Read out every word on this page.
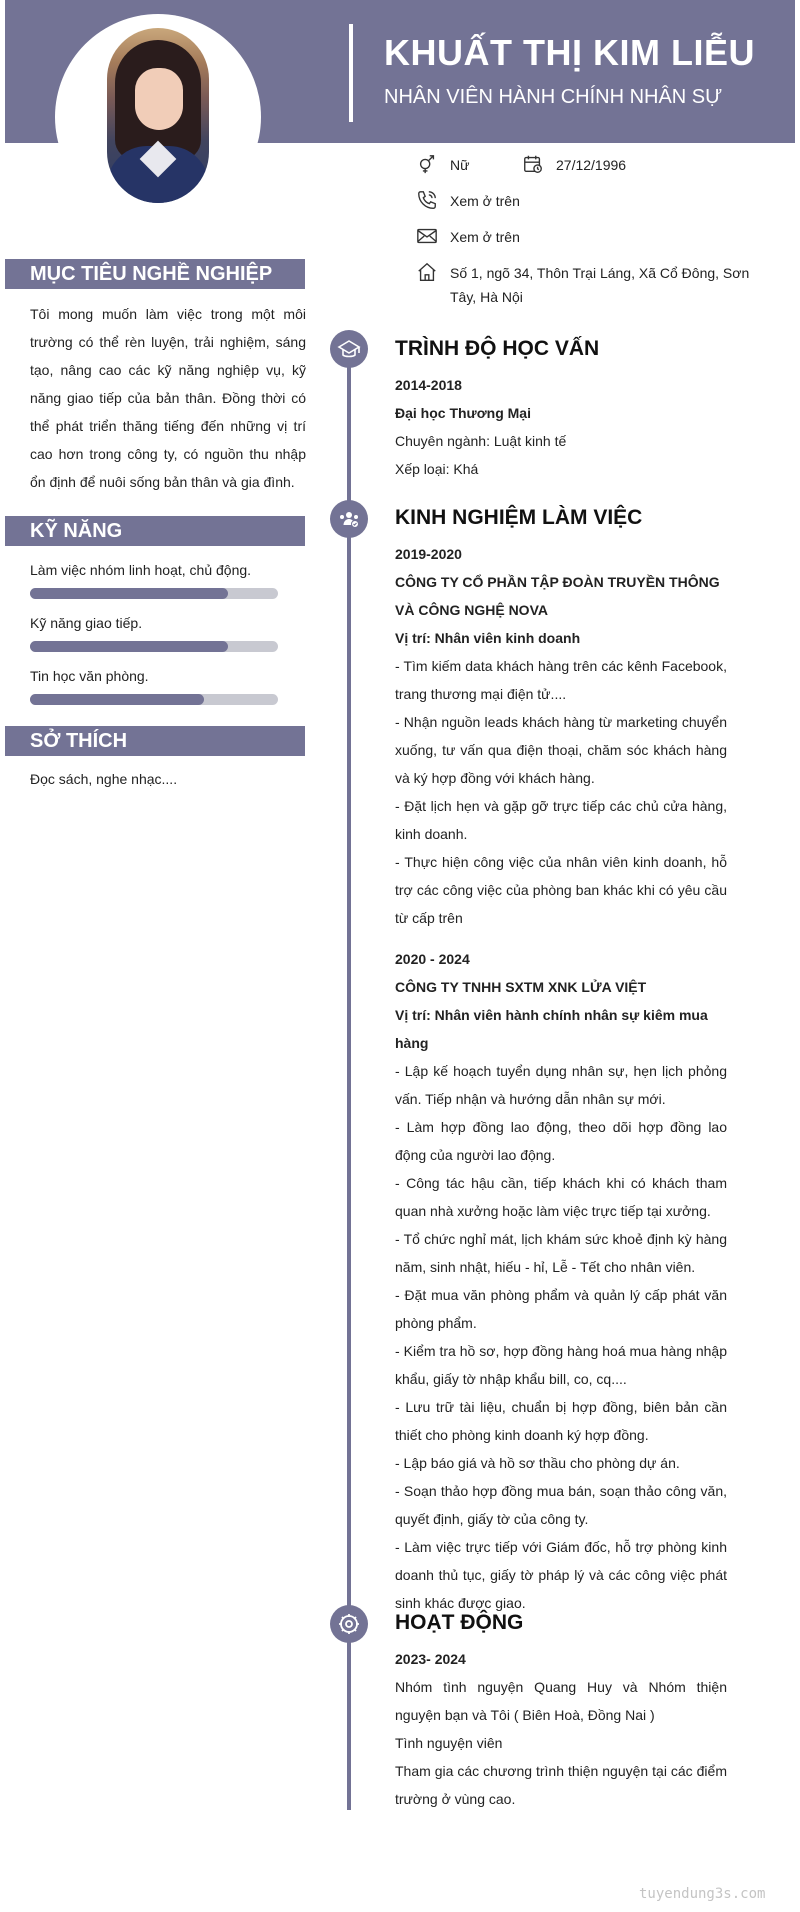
KHUẤT THỊ KIM LIỄU
NHÂN VIÊN HÀNH CHÍNH NHÂN SỰ
Nữ	27/12/1996
Xem ở trên
Xem ở trên
Số 1, ngõ 34, Thôn Trại Láng, Xã Cổ Đông, Sơn Tây, Hà Nội
MỤC TIÊU NGHỀ NGHIỆP
Tôi mong muốn làm việc trong một môi trường có thể rèn luyện, trải nghiệm, sáng tạo, nâng cao các kỹ năng nghiệp vụ, kỹ năng giao tiếp của bản thân. Đồng thời có thể phát triển thăng tiếng đến những vị trí cao hơn trong công ty, có nguồn thu nhập ổn định để nuôi sống bản thân và gia đình.
KỸ NĂNG
Làm việc nhóm linh hoạt, chủ động.
Kỹ năng giao tiếp.
Tin học văn phòng.
SỞ THÍCH
Đọc sách, nghe nhạc....
TRÌNH ĐỘ HỌC VẤN
2014-2018
Đại học Thương Mại
Chuyên ngành: Luật kinh tế
Xếp loại: Khá
KINH NGHIỆM LÀM VIỆC
2019-2020
CÔNG TY CỔ PHẦN TẬP ĐOÀN TRUYỀN THÔNG VÀ CÔNG NGHỆ NOVA
Vị trí: Nhân viên kinh doanh
- Tìm kiếm data khách hàng trên các kênh Facebook, trang thương mại điện tử....
- Nhận nguồn leads khách hàng từ marketing chuyển xuống, tư vấn qua điện thoại, chăm sóc khách hàng và ký hợp đồng với khách hàng.
- Đặt lịch hẹn và gặp gỡ trực tiếp các chủ cửa hàng, kinh doanh.
- Thực hiện công việc của nhân viên kinh doanh, hỗ trợ các công việc của phòng ban khác khi có yêu cầu từ cấp trên
2020 - 2024
CÔNG TY TNHH SXTM XNK LỬA VIỆT
Vị trí: Nhân viên hành chính nhân sự kiêm mua hàng
- Lập kế hoạch tuyển dụng nhân sự, hẹn lịch phỏng vấn. Tiếp nhận và hướng dẫn nhân sự mới.
- Làm hợp đồng lao động, theo dõi hợp đồng lao động của người lao động.
- Công tác hậu cần, tiếp khách khi có khách tham quan nhà xưởng hoặc làm việc trực tiếp tại xưởng.
- Tổ chức nghỉ mát, lịch khám sức khoẻ định kỳ hàng năm, sinh nhật, hiếu - hỉ, Lễ - Tết cho nhân viên.
- Đặt mua văn phòng phẩm và quản lý cấp phát văn phòng phẩm.
- Kiểm tra hồ sơ, hợp đồng hàng hoá mua hàng nhập khẩu, giấy tờ nhập khẩu bill, co, cq....
- Lưu trữ tài liệu, chuẩn bị hợp đồng, biên bản cần thiết cho phòng kinh doanh ký hợp đồng.
- Lập báo giá và hồ sơ thầu cho phòng dự án.
- Soạn thảo hợp đồng mua bán, soạn thảo công văn, quyết định, giấy tờ của công ty.
- Làm việc trực tiếp với Giám đốc, hỗ trợ phòng kinh doanh thủ tục, giấy tờ pháp lý và các công việc phát sinh khác được giao.
HOẠT ĐỘNG
2023- 2024
Nhóm tình nguyện Quang Huy và Nhóm thiện nguyện bạn và Tôi ( Biên Hoà, Đồng Nai )
Tình nguyện viên
Tham gia các chương trình thiện nguyện tại các điểm trường ở vùng cao.
tuyendung3s.com
